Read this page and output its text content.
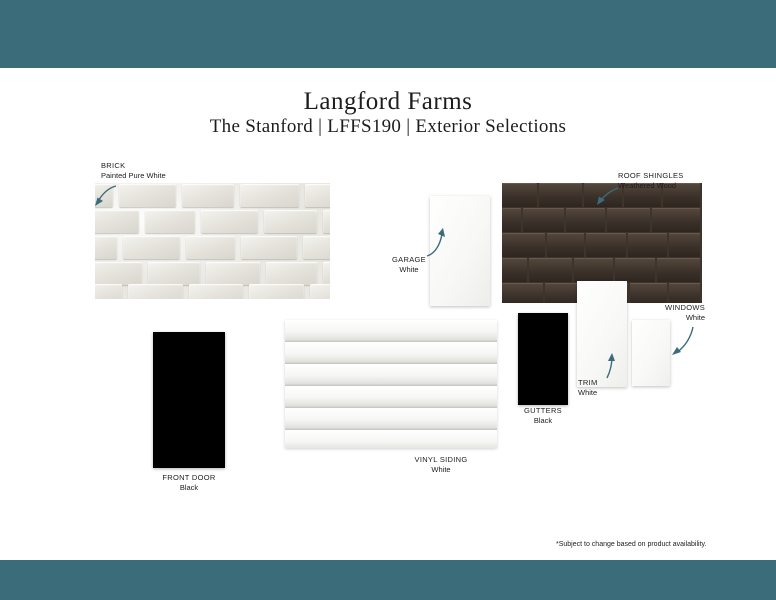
Langford Farms
The Stanford | LFFS190 | Exterior Selections
BRICK
Painted Pure White
GARAGE
White
ROOF SHINGLES
Weathered Wood
WINDOWS
White
TRIM
White
GUTTERS
Black
FRONT DOOR
Black
VINYL SIDING
White
*Subject to change based on product availability.
